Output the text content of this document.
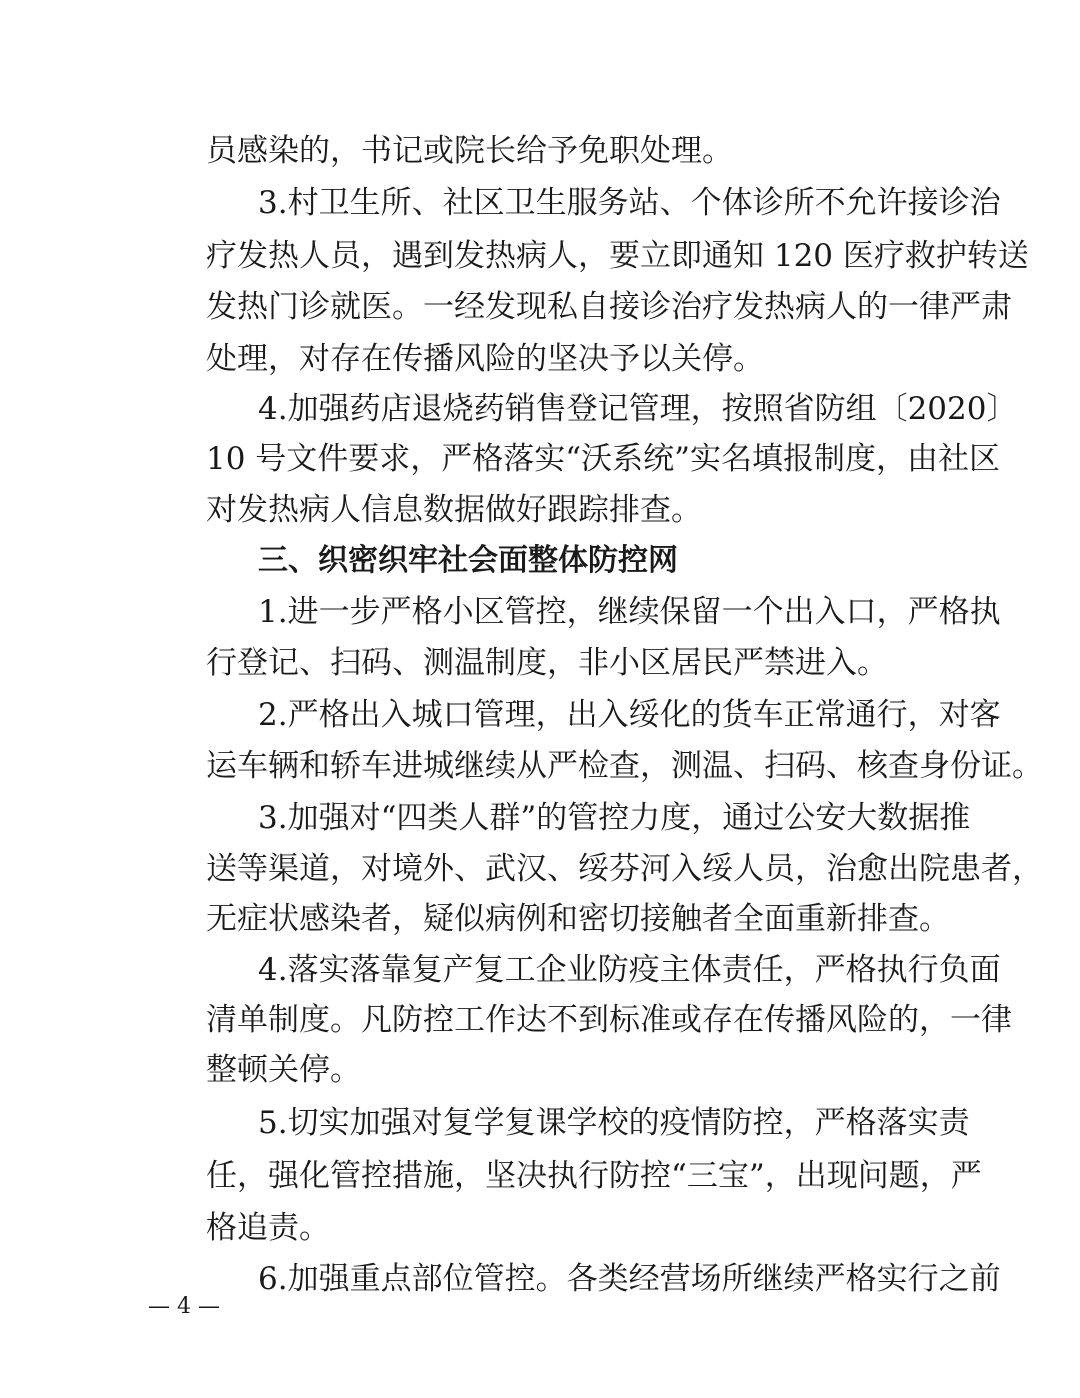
员感染的，书记或院长给予免职处理。
3.村卫生所、社区卫生服务站、个体诊所不允许接诊治
疗发热人员，遇到发热病人，要立即通知 120 医疗救护转送
发热门诊就医。一经发现私自接诊治疗发热病人的一律严肃
处理，对存在传播风险的坚决予以关停。
4.加强药店退烧药销售登记管理，按照省防组〔2020〕
10 号文件要求，严格落实“沃系统”实名填报制度，由社区
对发热病人信息数据做好跟踪排查。
三、织密织牢社会面整体防控网
1.进一步严格小区管控，继续保留一个出入口，严格执
行登记、扫码、测温制度，非小区居民严禁进入。
2.严格出入城口管理，出入绥化的货车正常通行，对客
运车辆和轿车进城继续从严检查，测温、扫码、核查身份证。
3.加强对“四类人群”的管控力度，通过公安大数据推
送等渠道，对境外、武汉、绥芬河入绥人员，治愈出院患者，
无症状感染者，疑似病例和密切接触者全面重新排查。
4.落实落靠复产复工企业防疫主体责任，严格执行负面
清单制度。凡防控工作达不到标准或存在传播风险的，一律
整顿关停。
5.切实加强对复学复课学校的疫情防控，严格落实责
任，强化管控措施，坚决执行防控“三宝”，出现问题，严
格追责。
6.加强重点部位管控。各类经营场所继续严格实行之前
— 4 —
